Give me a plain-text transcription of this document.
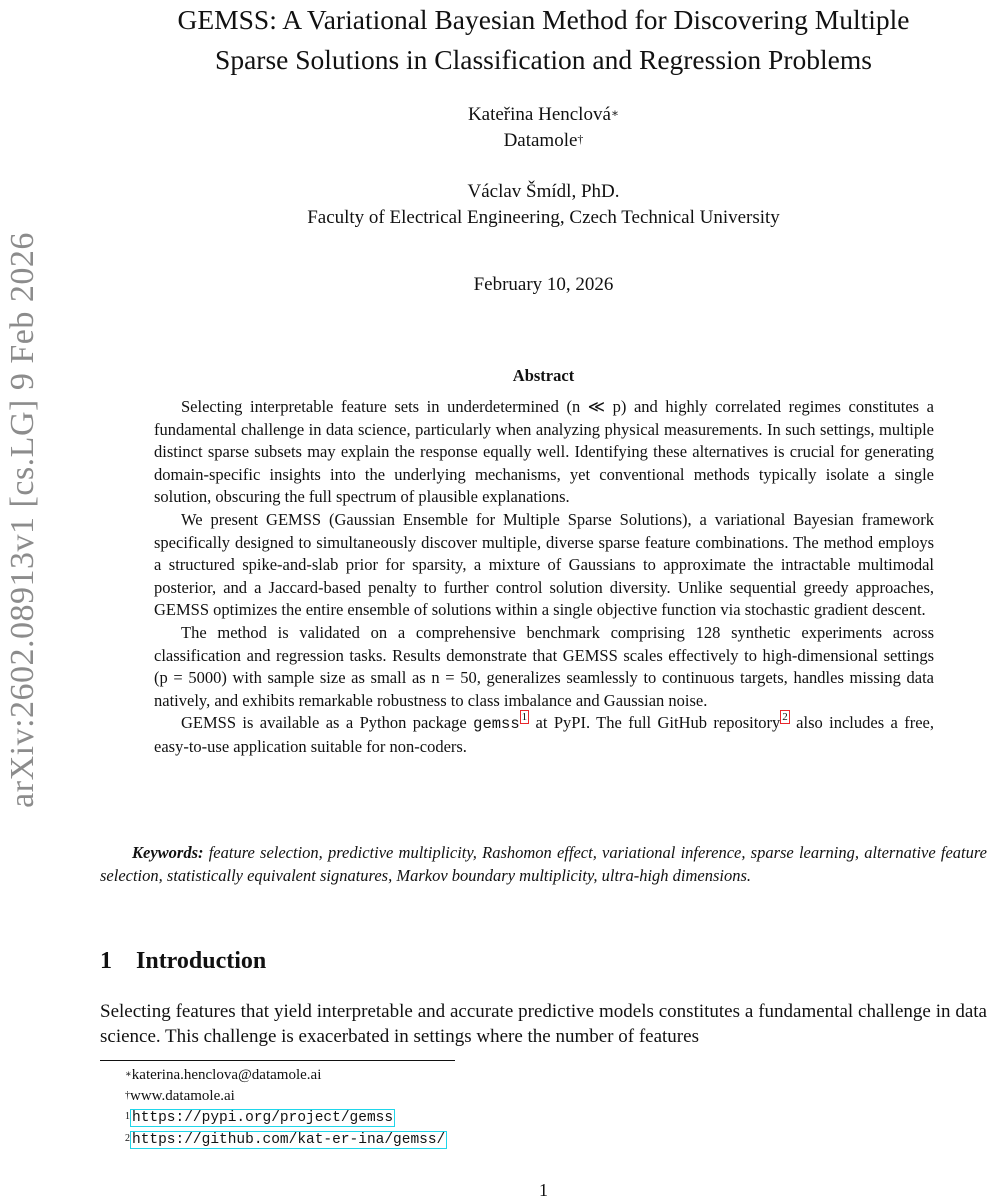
arXiv:2602.08913v1 [cs.LG] 9 Feb 2026
GEMSS: A Variational Bayesian Method for Discovering Multiple
Sparse Solutions in Classification and Regression Problems
Kateřina Henclová∗
Datamole†
Václav Šmídl, PhD.
Faculty of Electrical Engineering, Czech Technical University
February 10, 2026
Abstract

Selecting interpretable feature sets in underdetermined (n ≪ p) and highly correlated regimes constitutes a fundamental challenge in data science, particularly when analyzing physical measurements. In such settings, multiple distinct sparse subsets may explain the response equally well. Identifying these alternatives is crucial for generating domain-specific insights into the underlying mechanisms, yet conventional methods typically isolate a single solution, obscuring the full spectrum of plausible explanations.

We present GEMSS (Gaussian Ensemble for Multiple Sparse Solutions), a variational Bayesian framework specifically designed to simultaneously discover multiple, diverse sparse feature combinations. The method employs a structured spike-and-slab prior for sparsity, a mixture of Gaussians to approximate the intractable multimodal posterior, and a Jaccard-based penalty to further control solution diversity. Unlike sequential greedy approaches, GEMSS optimizes the entire ensemble of solutions within a single objective function via stochastic gradient descent.

The method is validated on a comprehensive benchmark comprising 128 synthetic experiments across classification and regression tasks. Results demonstrate that GEMSS scales effectively to high-dimensional settings (p = 5000) with sample size as small as n = 50, generalizes seamlessly to continuous targets, handles missing data natively, and exhibits remarkable robustness to class imbalance and Gaussian noise.

GEMSS is available as a Python package gemss $^1$ at PyPI. The full GitHub repository $^2$ also includes a free, easy-to-use application suitable for non-coders.

Keywords: feature selection, predictive multiplicity, Rashomon effect, variational inference, sparse learning, alternative feature selection, statistically equivalent signatures, Markov boundary multiplicity, ultra-high dimensions.
1 Introduction

Selecting features that yield interpretable and accurate predictive models constitutes a fundamental challenge in data science. This challenge is exacerbated in settings where the number of features

∗katerina.henclova@datamole.ai
†www.datamole.ai
$^1$ https://pypi.org/project/gemss
$^2$ https://github.com/kat-er-ina/gemss/
1
